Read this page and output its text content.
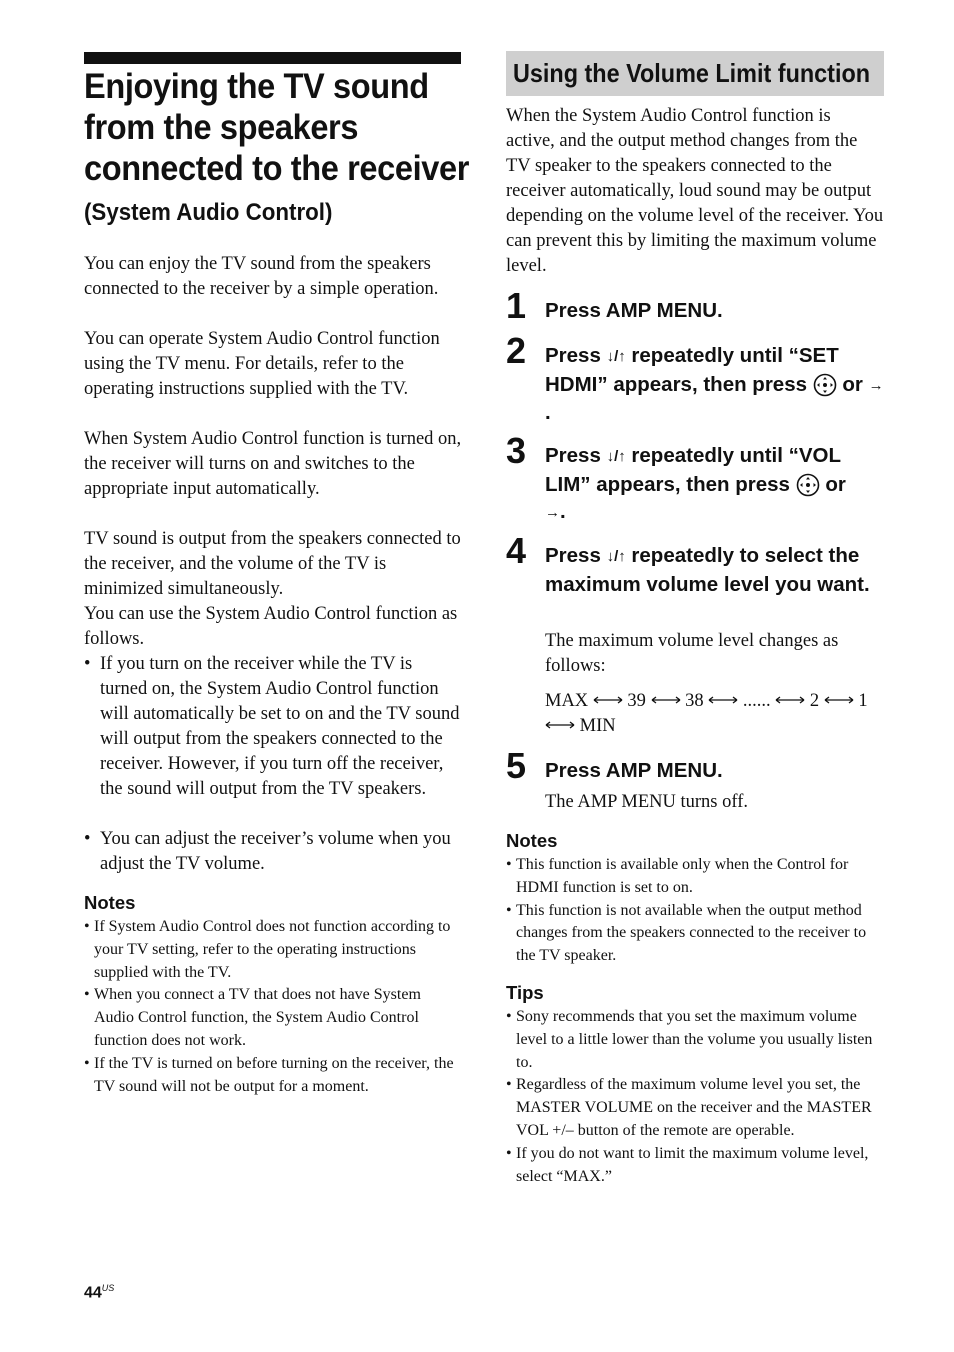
Enjoying the TV sound
from the speakers
connected to the receiver
(System Audio Control)

You can enjoy the TV sound from the speakers connected to the receiver by a simple operation.

You can operate System Audio Control function using the TV menu. For details, refer to the operating instructions supplied with the TV.

When System Audio Control function is turned on, the receiver will turns on and switches to the appropriate input automatically.

TV sound is output from the speakers connected to the receiver, and the volume of the TV is minimized simultaneously.

You can use the System Audio Control function as follows.

• If you turn on the receiver while the TV is turned on, the System Audio Control function will automatically be set to on and the TV sound will output from the speakers connected to the receiver. However, if you turn off the receiver, the sound will output from the TV speakers.
• You can adjust the receiver’s volume when you adjust the TV volume.
Notes
• If System Audio Control does not function according to your TV setting, refer to the operating instructions supplied with the TV.
• When you connect a TV that does not have System Audio Control function, the System Audio Control function does not work.
• If the TV is turned on before turning on the receiver, the TV sound will not be output for a moment.
Using the Volume Limit function

When the System Audio Control function is active, and the output method changes from the TV speaker to the speakers connected to the receiver automatically, loud sound may be output depending on the volume level of the receiver. You can prevent this by limiting the maximum volume level.

1 Press AMP MENU.
2 Press ↓/↑ repeatedly until “SET HDMI” appears, then press  or →.
3 Press ↓/↑ repeatedly until “VOL LIM” appears, then press  or
→.
4 Press ↓/↑ repeatedly to select the maximum volume level you want.
The maximum volume level changes as follows:
MAX 39 38 ...... 2 1
MIN
5 Press AMP MENU.
The AMP MENU turns off.
Notes
• This function is available only when the Control for HDMI function is set to on.
• This function is not available when the output method changes from the speakers connected to the receiver to the TV speaker.
Tips
• Sony recommends that you set the maximum volume level to a little lower than the volume you usually listen to.
• Regardless of the maximum volume level you set, the MASTER VOLUME on the receiver and the MASTER VOL +/– button of the remote are operable.
• If you do not want to limit the maximum volume level, select “MAX.”
$44^{US}$
